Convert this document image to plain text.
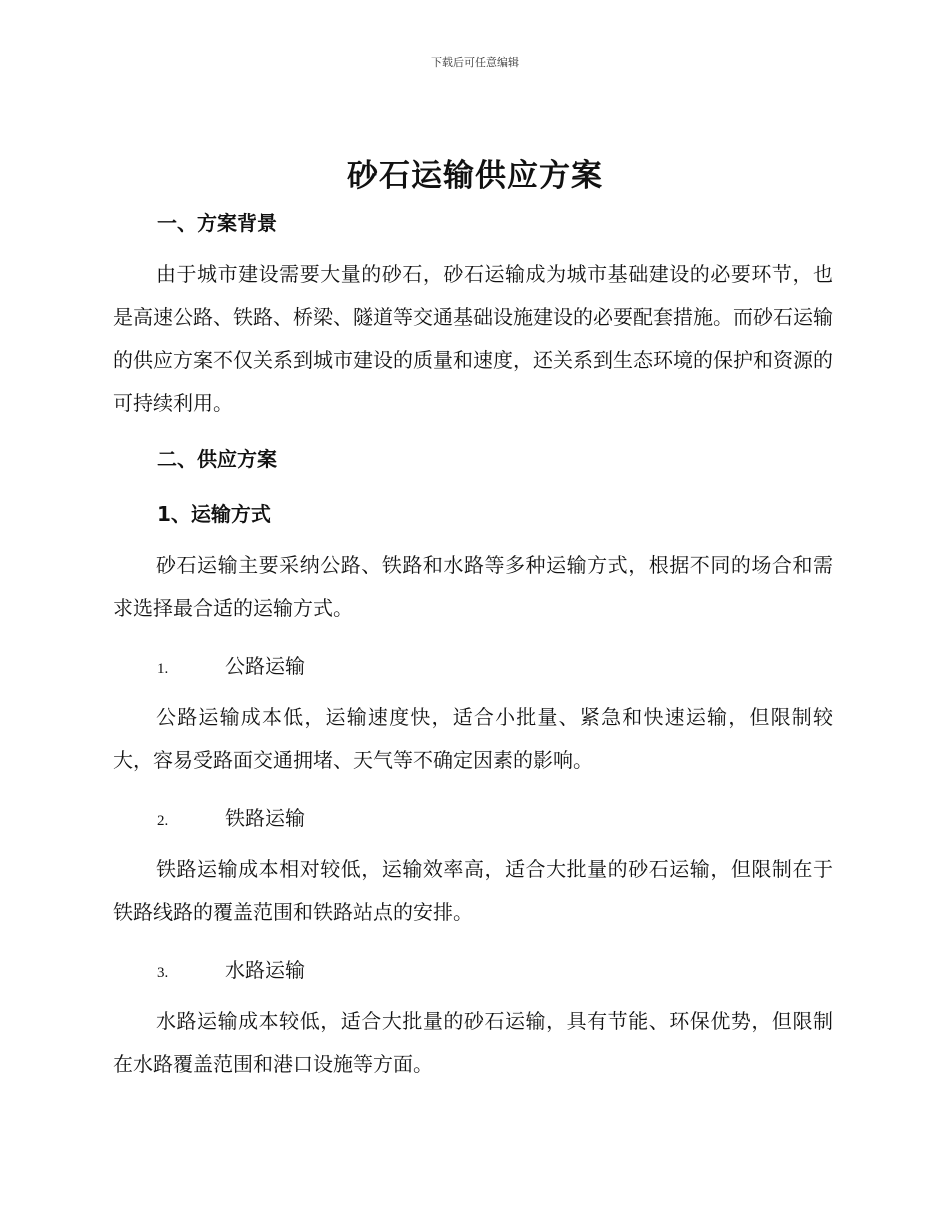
下载后可任意编辑
砂石运输供应方案
一、方案背景
由于城市建设需要大量的砂石，砂石运输成为城市基础建设的必要环节，也是高速公路、铁路、桥梁、隧道等交通基础设施建设的必要配套措施。而砂石运输的供应方案不仅关系到城市建设的质量和速度，还关系到生态环境的保护和资源的可持续利用。
二、供应方案
1、运输方式
砂石运输主要采纳公路、铁路和水路等多种运输方式，根据不同的场合和需求选择最合适的运输方式。
1.	公路运输
公路运输成本低，运输速度快，适合小批量、紧急和快速运输，但限制较大，容易受路面交通拥堵、天气等不确定因素的影响。
2.	铁路运输
铁路运输成本相对较低，运输效率高，适合大批量的砂石运输，但限制在于铁路线路的覆盖范围和铁路站点的安排。
3.	水路运输
水路运输成本较低，适合大批量的砂石运输，具有节能、环保优势，但限制在水路覆盖范围和港口设施等方面。
